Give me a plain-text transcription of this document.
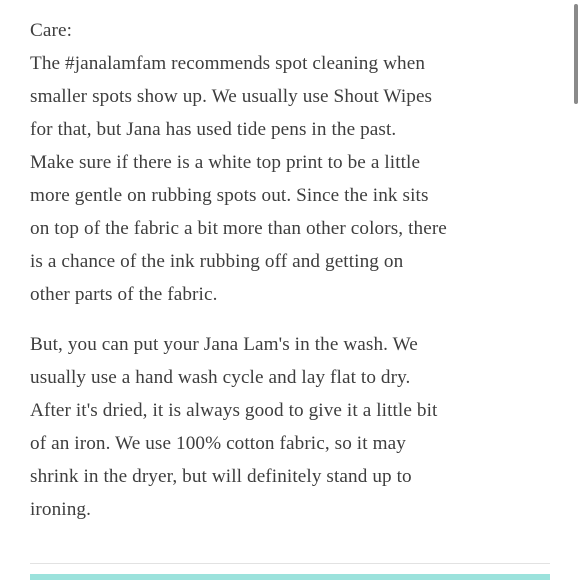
Care:

The #janalamfam recommends spot cleaning when

smaller spots show up. We usually use Shout Wipes

for that, but Jana has used tide pens in the past.

Make sure if there is a white top print to be a little

more gentle on rubbing spots out. Since the ink sits

on top of the fabric a bit more than other colors, there

is a chance of the ink rubbing off and getting on

other parts of the fabric.

But, you can put your Jana Lam's in the wash. We

usually use a hand wash cycle and lay flat to dry.

After it's dried, it is always good to give it a little bit

of an iron. We use 100% cotton fabric, so it may

shrink in the dryer, but will definitely stand up to

ironing.
